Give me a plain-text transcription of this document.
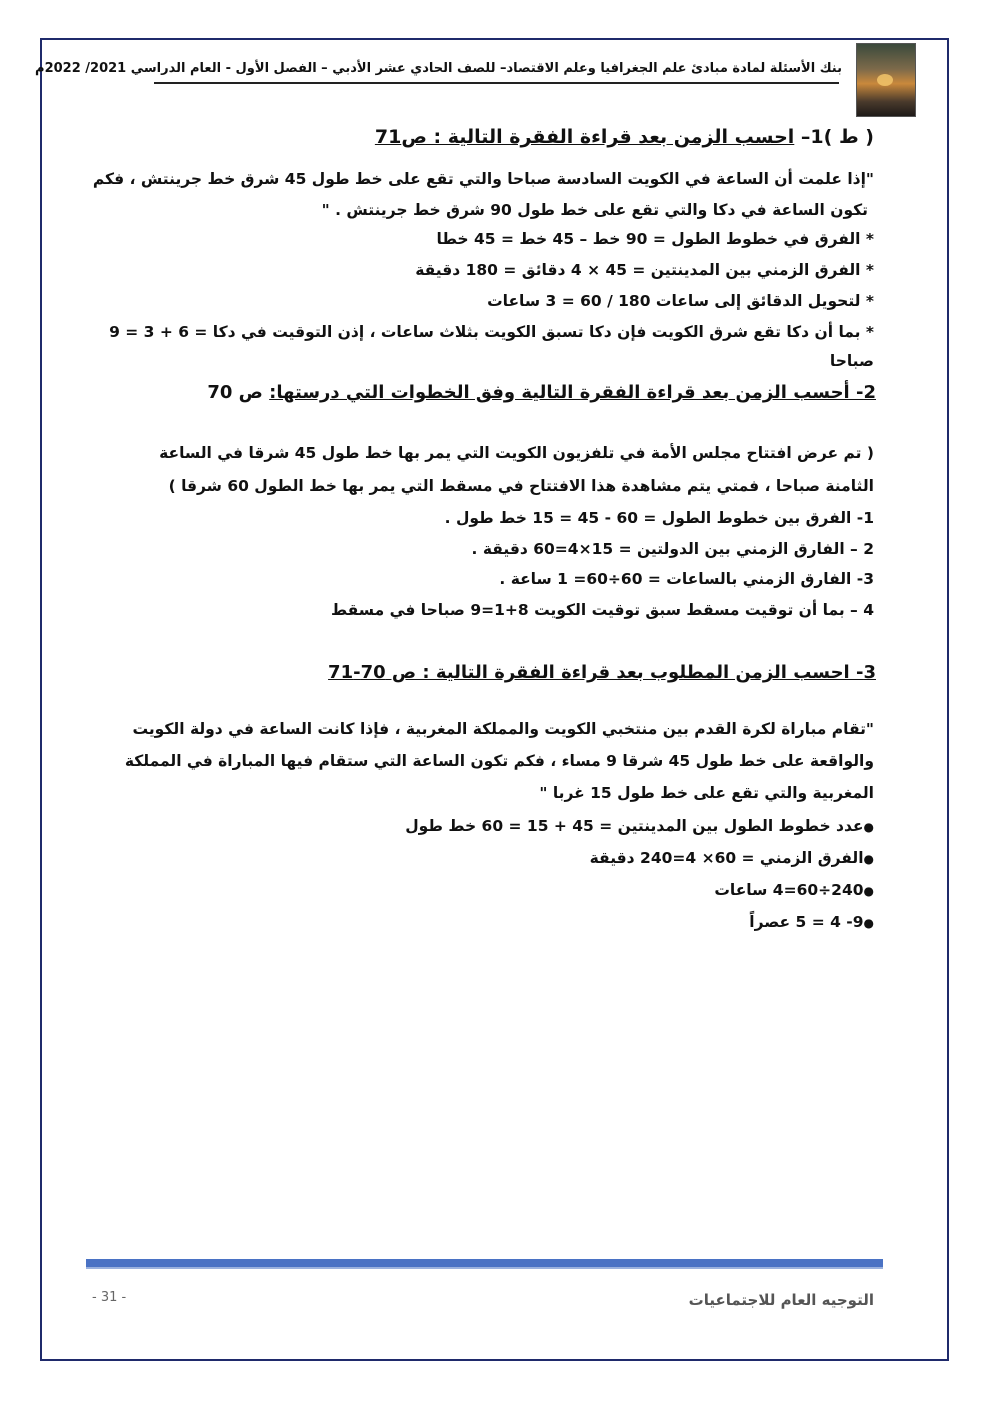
بنك الأسئلة لمادة مبادئ علم الجغرافيا وعلم الاقتصاد– للصف الحادي عشر الأدبي – الفصل الأول - العام الدراسي 2021/ 2022م
( ط )1– احسب الزمن بعد قراءة الفقرة التالية : ص71
"إذا علمت أن الساعة في الكويت السادسة صباحا والتي تقع على خط طول 45 شرق خط جرينتش ، فكم
تكون الساعة في دكا والتي تقع على خط طول 90 شرق خط جرينتش . "
* الفرق في خطوط الطول = 90 خط – 45 خط = 45 خطا
* الفرق الزمني بين المدينتين = 45 × 4 دقائق = 180 دقيقة
* لتحويل الدقائق إلى ساعات 180 / 60 = 3 ساعات
* بما أن دكا تقع شرق الكويت فإن دكا تسبق الكويت بثلاث ساعات ، إذن التوقيت في دكا = 6 + 3 = 9
صباحا
2- أحسب الزمن بعد قراءة الفقرة التالية وفق الخطوات التي درستها: ص 70
( تم عرض افتتاح مجلس الأمة في تلفزيون الكويت التي يمر بها خط طول 45 شرقا في الساعة
الثامنة صباحا ، فمتي يتم مشاهدة هذا الافتتاح في مسقط التي يمر بها خط الطول 60 شرقا )
1- الفرق بين خطوط الطول = 60 - 45 = 15 خط طول .
2 – الفارق الزمني بين الدولتين = 15×4=60 دقيقة .
3- الفارق الزمني بالساعات = 60÷60= 1 ساعة .
4 – بما أن توقيت مسقط سبق توقيت الكويت 8+1=9 صباحا في مسقط
3- احسب الزمن المطلوب بعد قراءة الفقرة التالية : ص 70-71
"تقام مباراة لكرة القدم بين منتخبي الكويت والمملكة المغربية ، فإذا كانت الساعة في دولة الكويت
والواقعة على خط طول 45 شرقا 9 مساء ، فكم تكون الساعة التي ستقام فيها المباراة في المملكة
المغربية والتي تقع على خط طول 15 غربا "
●عدد خطوط الطول بين المدينتين = 45 + 15 = 60 خط طول
●الفرق الزمني = 60× 4=240 دقيقة
●240÷60=4 ساعات
●9- 4 = 5 عصراً
التوجيه العام للاجتماعيات
- 31 -
